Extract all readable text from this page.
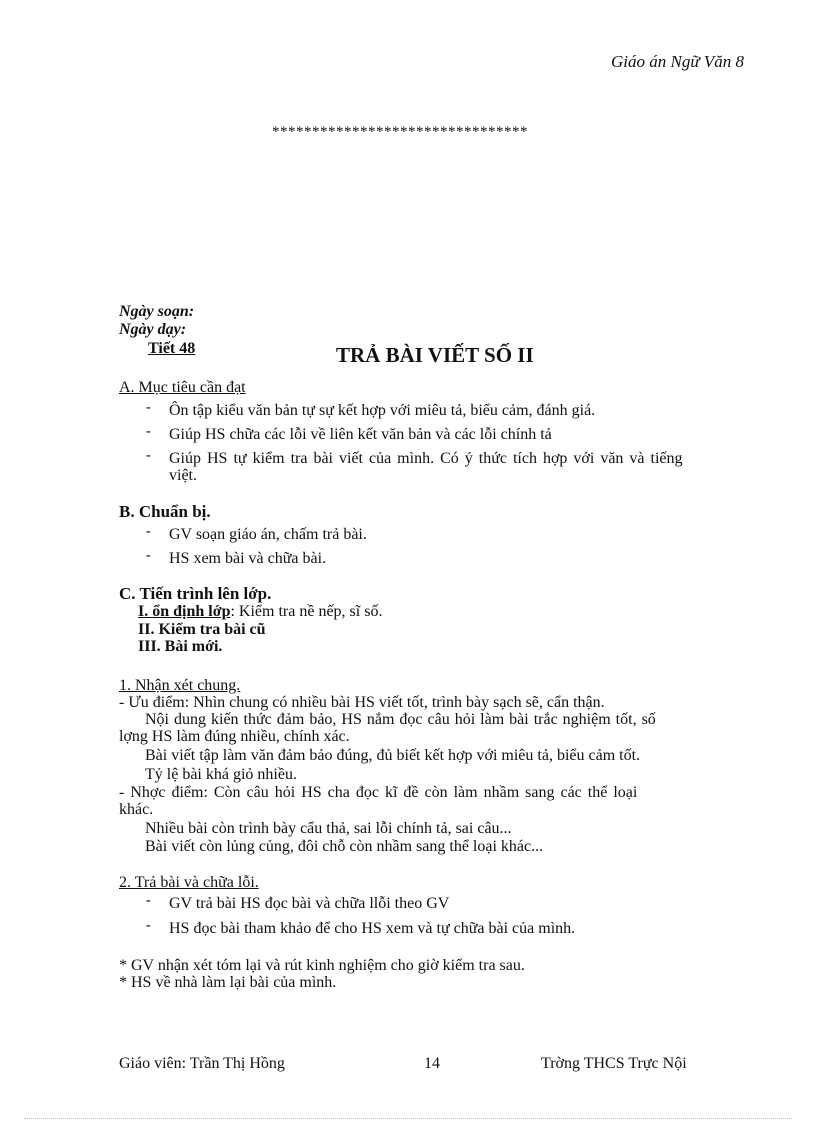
Giáo án Ngữ Văn 8
********************************
Ngày soạn:
Ngày dạy:
Tiết 48	TRẢ BÀI VIẾT SỐ II
A. Mục tiêu cần đạt
- Ôn tập kiểu văn bản tự sự kết hợp với miêu tả, biểu cảm, đánh giá.
- Giúp HS chữa các lỗi về liên kết văn bản và các lỗi chính tả
- Giúp HS tự kiểm tra bài viết của mình. Có ý thức tích hợp với văn và tiếng
việt.
B. Chuẩn bị.
- GV soạn giáo án, chấm trả bài.
- HS xem bài và chữa bài.
C. Tiến trình lên lớp.
I. ổn định lớp: Kiểm tra nề nếp, sĩ số.
II. Kiểm tra bài cũ
III. Bài mới.
1. Nhận xét chung.
- Ưu điểm: Nhìn chung có nhiều bài HS viết tốt, trình bày sạch sẽ, cẩn thận.
Nội dung kiến thức đảm bảo, HS nắm đọc câu hỏi làm bài trắc nghiệm tốt, số
lợng HS làm đúng nhiều, chính xác.
Bài viết tập làm văn đảm bảo đúng, đủ biết kết hợp với miêu tả, biểu cảm tốt.
Tỷ lệ bài khá giỏ nhiều.
- Nhợc điểm: Còn câu hỏi HS cha đọc kĩ đề còn làm nhầm sang các thể loại
khác.
Nhiều bài còn trình bày cẩu thả, sai lỗi chính tả, sai câu...
Bài viết còn lủng củng, đôi chỗ còn nhầm sang thể loại khác...
2. Trả bài và chữa lỗi.
- GV trả bài HS đọc bài và chữa llỗi theo GV
- HS đọc bài tham khảo để cho HS xem và tự chữa bài của mình.
* GV nhận xét tóm lại và rút kinh nghiệm cho giờ kiểm tra sau.
* HS về nhà làm lại bài của mình.
Giáo viên: Trần Thị Hồng	14	Trờng THCS Trực Nội
